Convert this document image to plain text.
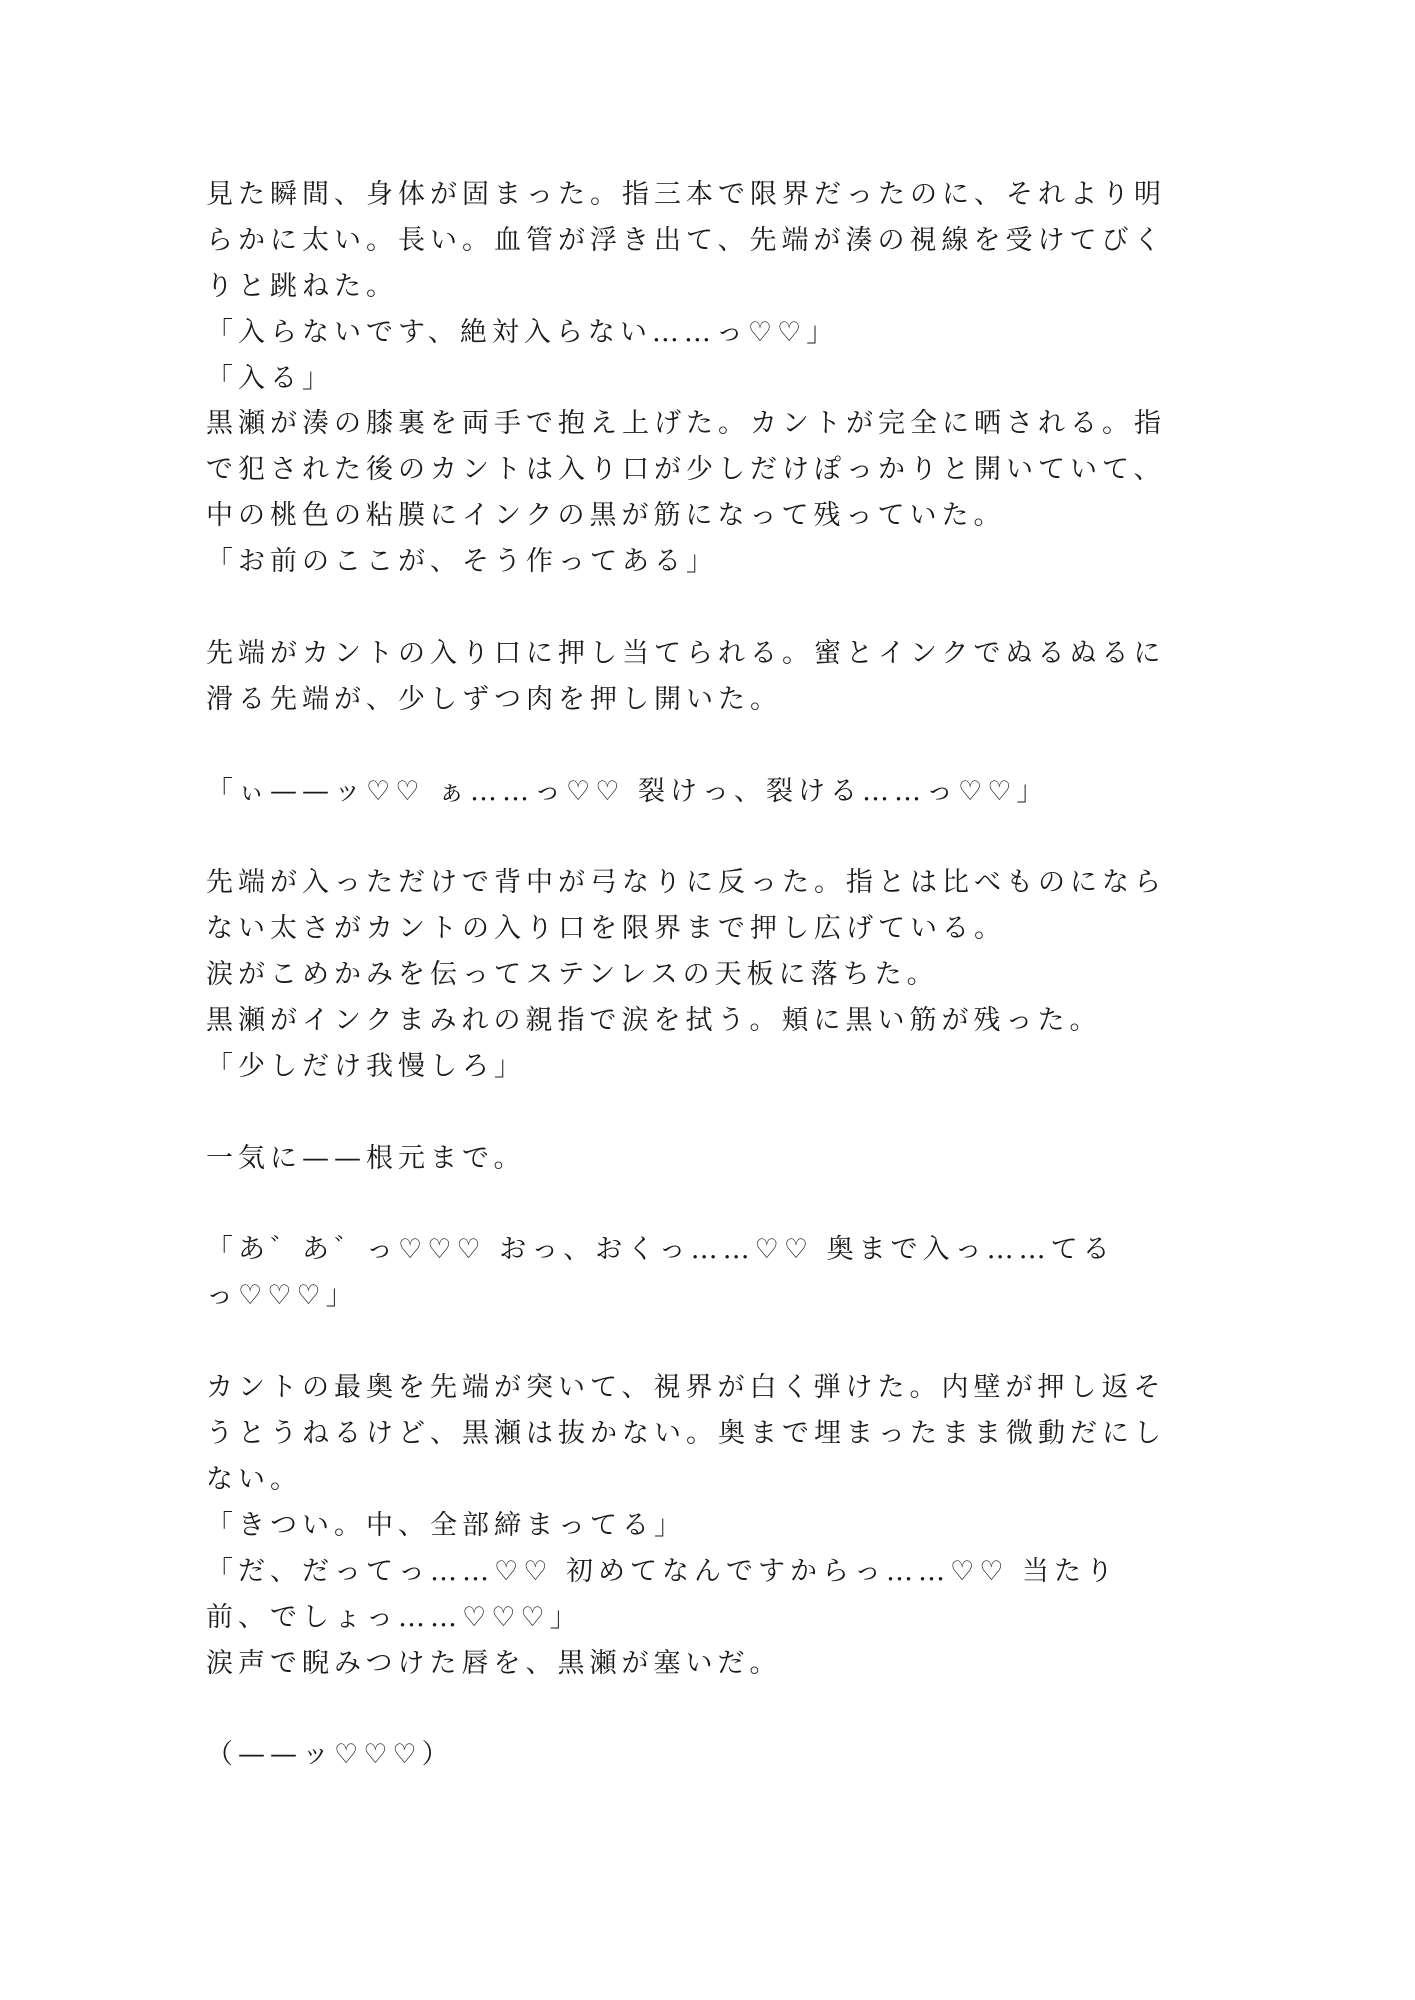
見た瞬間、身体が固まった。指三本で限界だったのに、それより明
らかに太い。長い。血管が浮き出て、先端が湊の視線を受けてびく
りと跳ねた。
「入らないです、絶対入らない……っ♡♡」
「入る」
黒瀬が湊の膝裏を両手で抱え上げた。カントが完全に晒される。指
で犯された後のカントは入り口が少しだけぽっかりと開いていて、
中の桃色の粘膜にインクの黒が筋になって残っていた。
「お前のここが、そう作ってある」
先端がカントの入り口に押し当てられる。蜜とインクでぬるぬるに
滑る先端が、少しずつ肉を押し開いた。
「ぃ——ッ♡♡ ぁ……っ♡♡ 裂けっ、裂ける……っ♡♡」
先端が入っただけで背中が弓なりに反った。指とは比べものになら
ない太さがカントの入り口を限界まで押し広げている。
涙がこめかみを伝ってステンレスの天板に落ちた。
黒瀬がインクまみれの親指で涙を拭う。頬に黒い筋が残った。
「少しだけ我慢しろ」
一気に——根元まで。
「あ゛あ゛っ♡♡♡ おっ、おくっ……♡♡ 奥まで入っ……てる
っ♡♡♡」
カントの最奥を先端が突いて、視界が白く弾けた。内壁が押し返そ
うとうねるけど、黒瀬は抜かない。奥まで埋まったまま微動だにし
ない。
「きつい。中、全部締まってる」
「だ、だってっ……♡♡ 初めてなんですからっ……♡♡ 当たり
前、でしょっ……♡♡♡」
涙声で睨みつけた唇を、黒瀬が塞いだ。
（——ッ♡♡♡）
